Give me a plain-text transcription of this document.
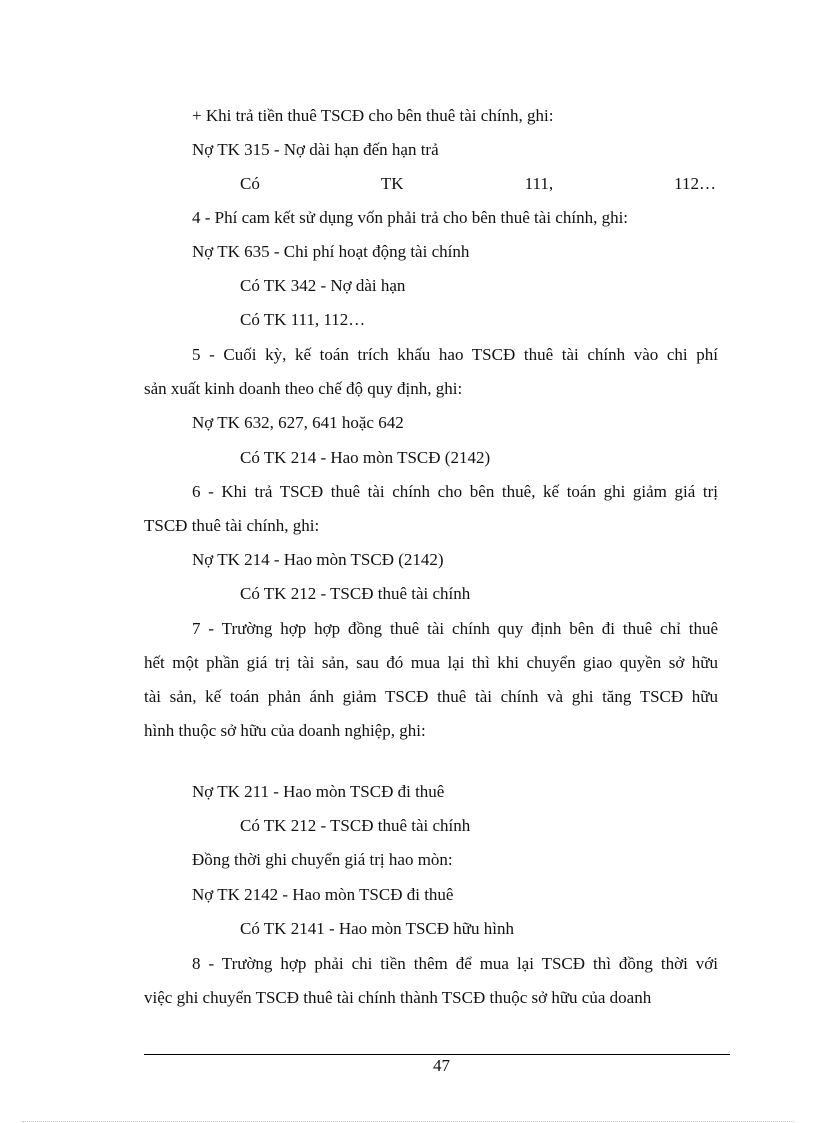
+ Khi trả tiền thuê TSCĐ cho bên thuê tài chính, ghi:
Nợ TK 315 - Nợ dài hạn đến hạn trả
Có	TK	111,	112…
4 - Phí cam kết sử dụng vốn phải trả cho bên thuê tài chính, ghi:
Nợ TK 635 - Chi phí hoạt động tài chính
Có TK 342 - Nợ dài hạn
Có TK 111, 112…
5 - Cuối kỳ, kế toán trích khấu hao TSCĐ thuê tài chính vào chi phí
sản xuất kinh doanh theo chế độ quy định, ghi:
Nợ TK 632, 627, 641 hoặc 642
Có TK 214 - Hao mòn TSCĐ (2142)
6 - Khi trả TSCĐ thuê tài chính cho bên thuê, kế toán ghi giảm giá trị
TSCĐ thuê tài chính, ghi:
Nợ TK 214 - Hao mòn TSCĐ (2142)
Có TK 212 - TSCĐ thuê tài chính
7 - Trường hợp hợp đồng thuê tài chính quy định bên đi thuê chỉ thuê
hết một phần giá trị tài sản, sau đó mua lại thì khi chuyển giao quyền sở hữu
tài sản, kế toán phản ánh giảm TSCĐ thuê tài chính và ghi tăng TSCĐ hữu
hình thuộc sở hữu của doanh nghiệp, ghi:
Nợ TK 211 - Hao mòn TSCĐ đi thuê
Có TK 212 - TSCĐ thuê tài chính
Đồng thời ghi chuyển giá trị hao mòn:
Nợ TK 2142 - Hao mòn TSCĐ đi thuê
Có TK 2141 - Hao mòn TSCĐ hữu hình
8 - Trường hợp phải chi tiền thêm để mua lại TSCĐ thì đồng thời với
việc ghi chuyển TSCĐ thuê tài chính thành TSCĐ thuộc sở hữu của doanh
47
